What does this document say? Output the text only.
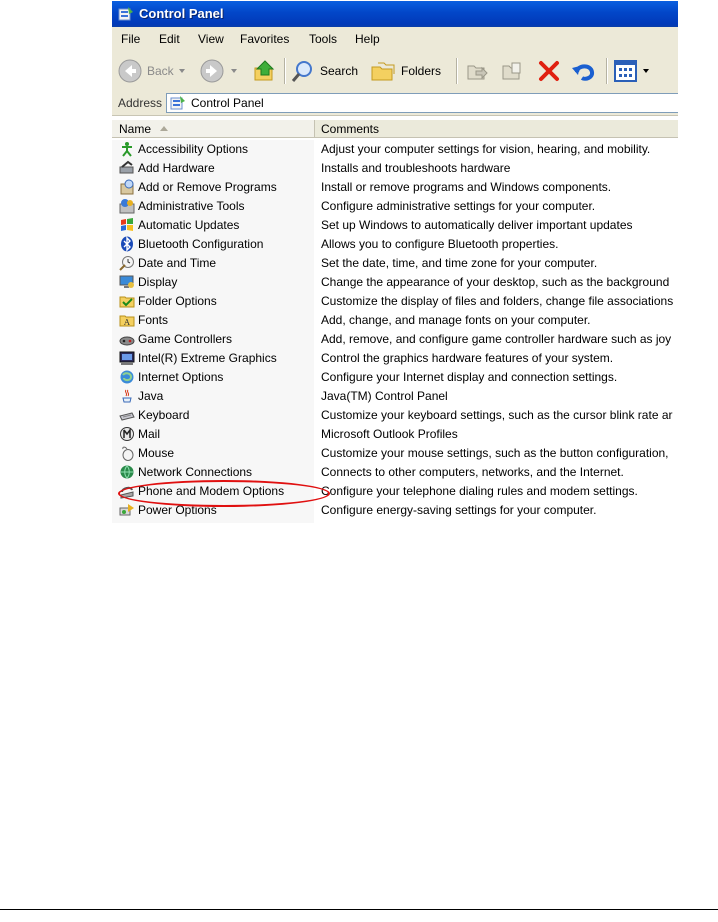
Control Panel
File Edit View Favorites Tools Help
Back	Search	Folders
Address Control Panel
Name	Comments
Accessibility Options	Adjust your computer settings for vision, hearing, and mobility.
Add Hardware	Installs and troubleshoots hardware
Add or Remove Programs	Install or remove programs and Windows components.
Administrative Tools	Configure administrative settings for your computer.
Automatic Updates	Set up Windows to automatically deliver important updates
Bluetooth Configuration	Allows you to configure Bluetooth properties.
Date and Time	Set the date, time, and time zone for your computer.
Display	Change the appearance of your desktop, such as the background
Folder Options	Customize the display of files and folders, change file associations
A Fonts	Add, change, and manage fonts on your computer.
Game Controllers	Add, remove, and configure game controller hardware such as joy
Intel(R) Extreme Graphics	Control the graphics hardware features of your system.
Internet Options	Configure your Internet display and connection settings.
Java	Java(TM) Control Panel
Keyboard	Customize your keyboard settings, such as the cursor blink rate ar
Mail	Microsoft Outlook Profiles
Mouse	Customize your mouse settings, such as the button configuration,
Network Connections	Connects to other computers, networks, and the Internet.
Phone and Modem Options	Configure your telephone dialing rules and modem settings.
Power Options	Configure energy-saving settings for your computer.
